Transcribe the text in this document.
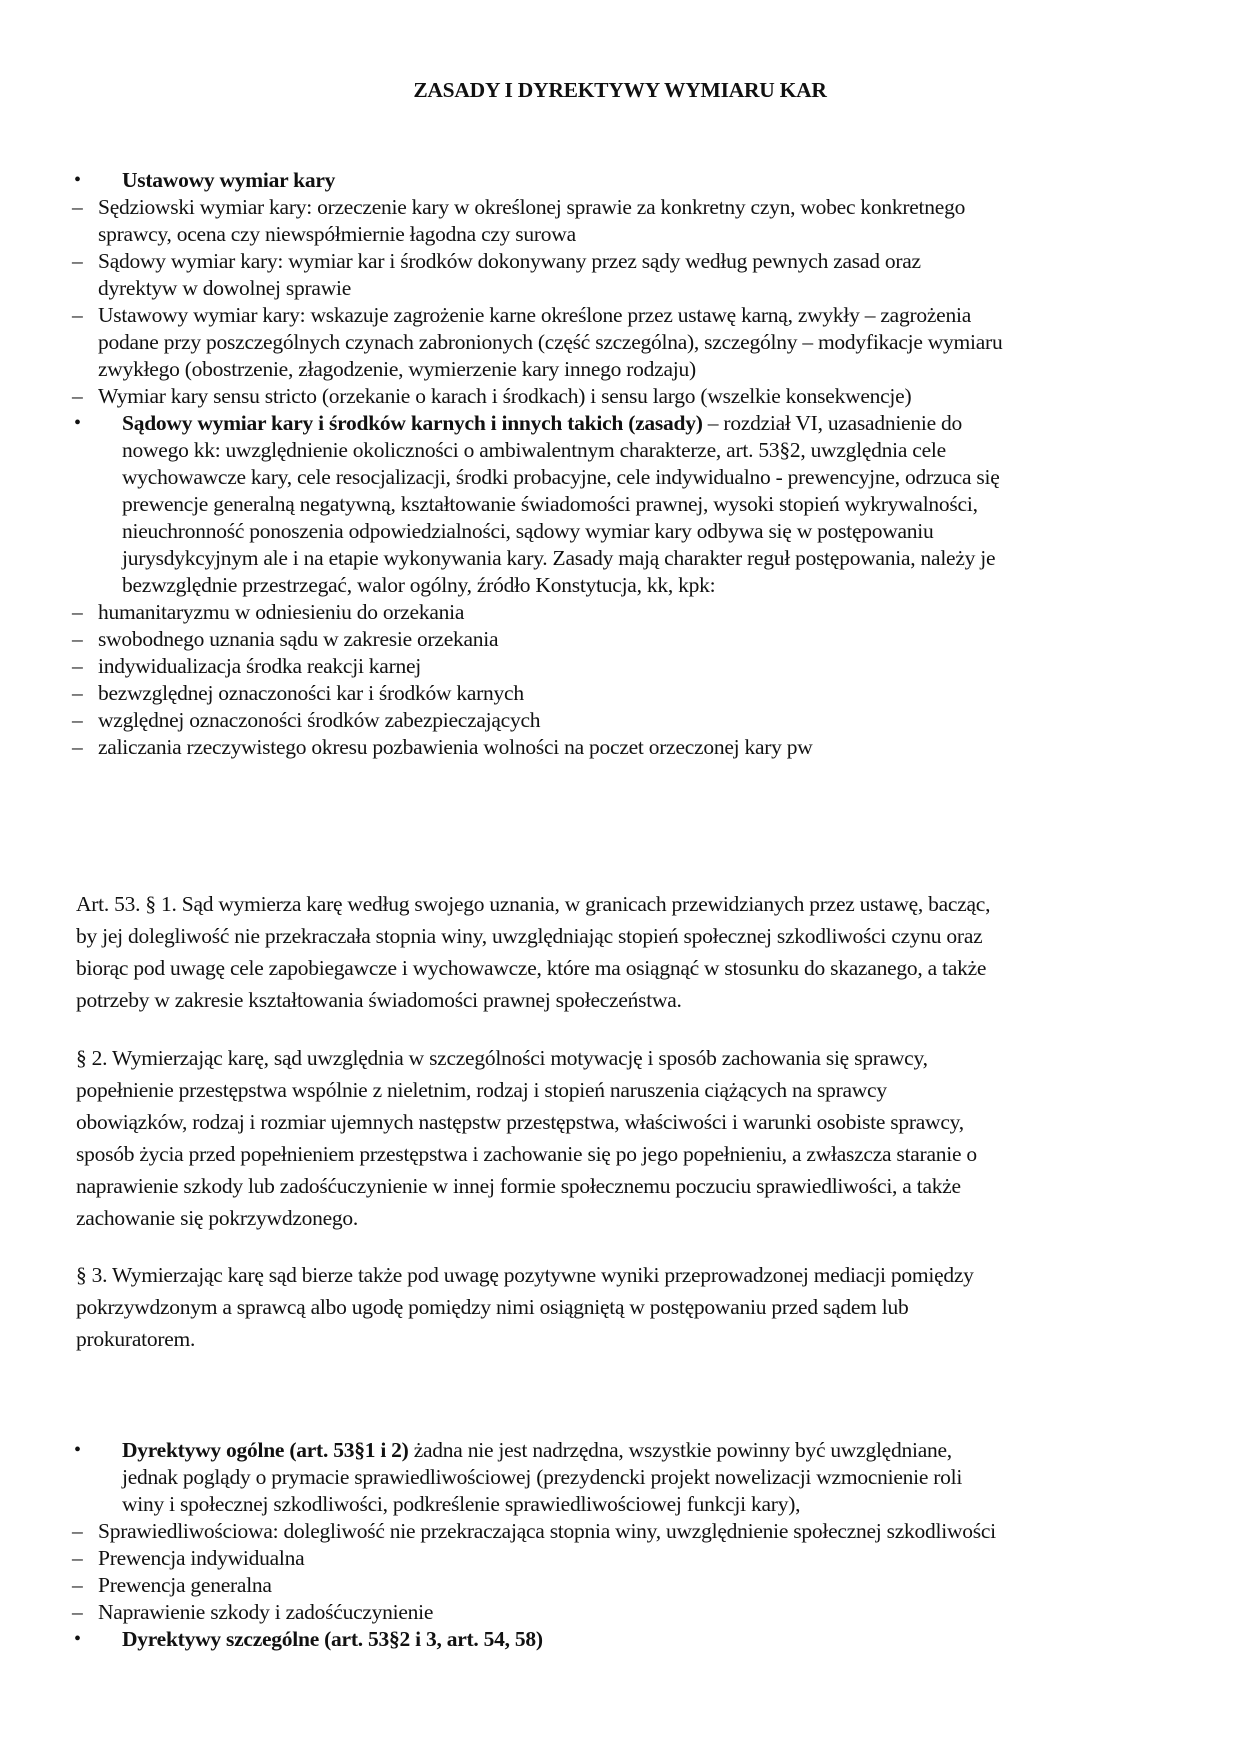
ZASADY I DYREKTYWY WYMIARU KAR
• Ustawowy wymiar kary
– Sędziowski wymiar kary: orzeczenie kary w określonej sprawie za konkretny czyn, wobec konkretnego
sprawcy, ocena czy niewspółmiernie łagodna czy surowa
– Sądowy wymiar kary: wymiar kar i środków dokonywany przez sądy według pewnych zasad oraz
dyrektyw w dowolnej sprawie
– Ustawowy wymiar kary: wskazuje zagrożenie karne określone przez ustawę karną, zwykły – zagrożenia
podane przy poszczególnych czynach zabronionych (część szczególna), szczególny – modyfikacje wymiaru
zwykłego (obostrzenie, złagodzenie, wymierzenie kary innego rodzaju)
– Wymiar kary sensu stricto (orzekanie o karach i środkach) i sensu largo (wszelkie konsekwencje)
• Sądowy wymiar kary i środków karnych i innych takich (zasady) – rozdział VI, uzasadnienie do
nowego kk: uwzględnienie okoliczności o ambiwalentnym charakterze, art. 53§2, uwzględnia cele
wychowawcze kary, cele resocjalizacji, środki probacyjne, cele indywidualno - prewencyjne, odrzuca się
prewencje generalną negatywną, kształtowanie świadomości prawnej, wysoki stopień wykrywalności,
nieuchronność ponoszenia odpowiedzialności, sądowy wymiar kary odbywa się w postępowaniu
jurysdykcyjnym ale i na etapie wykonywania kary. Zasady mają charakter reguł postępowania, należy je
bezwzględnie przestrzegać, walor ogólny, źródło Konstytucja, kk, kpk:
– humanitaryzmu w odniesieniu do orzekania
– swobodnego uznania sądu w zakresie orzekania
– indywidualizacja środka reakcji karnej
– bezwzględnej oznaczoności kar i środków karnych
– względnej oznaczoności środków zabezpieczających
– zaliczania rzeczywistego okresu pozbawienia wolności na poczet orzeczonej kary pw
Art. 53. § 1. Sąd wymierza karę według swojego uznania, w granicach przewidzianych przez ustawę, bacząc,
by jej dolegliwość nie przekraczała stopnia winy, uwzględniając stopień społecznej szkodliwości czynu oraz
biorąc pod uwagę cele zapobiegawcze i wychowawcze, które ma osiągnąć w stosunku do skazanego, a także
potrzeby w zakresie kształtowania świadomości prawnej społeczeństwa.
§ 2. Wymierzając karę, sąd uwzględnia w szczególności motywację i sposób zachowania się sprawcy,
popełnienie przestępstwa wspólnie z nieletnim, rodzaj i stopień naruszenia ciążących na sprawcy
obowiązków, rodzaj i rozmiar ujemnych następstw przestępstwa, właściwości i warunki osobiste sprawcy,
sposób życia przed popełnieniem przestępstwa i zachowanie się po jego popełnieniu, a zwłaszcza staranie o
naprawienie szkody lub zadośćuczynienie w innej formie społecznemu poczuciu sprawiedliwości, a także
zachowanie się pokrzywdzonego.
§ 3. Wymierzając karę sąd bierze także pod uwagę pozytywne wyniki przeprowadzonej mediacji pomiędzy
pokrzywdzonym a sprawcą albo ugodę pomiędzy nimi osiągniętą w postępowaniu przed sądem lub
prokuratorem.
• Dyrektywy ogólne (art. 53§1 i 2) żadna nie jest nadrzędna, wszystkie powinny być uwzględniane,
jednak poglądy o prymacie sprawiedliwościowej (prezydencki projekt nowelizacji wzmocnienie roli
winy i społecznej szkodliwości, podkreślenie sprawiedliwościowej funkcji kary),
– Sprawiedliwościowa: dolegliwość nie przekraczająca stopnia winy, uwzględnienie społecznej szkodliwości
– Prewencja indywidualna
– Prewencja generalna
– Naprawienie szkody i zadośćuczynienie
• Dyrektywy szczególne (art. 53§2 i 3, art. 54, 58)
